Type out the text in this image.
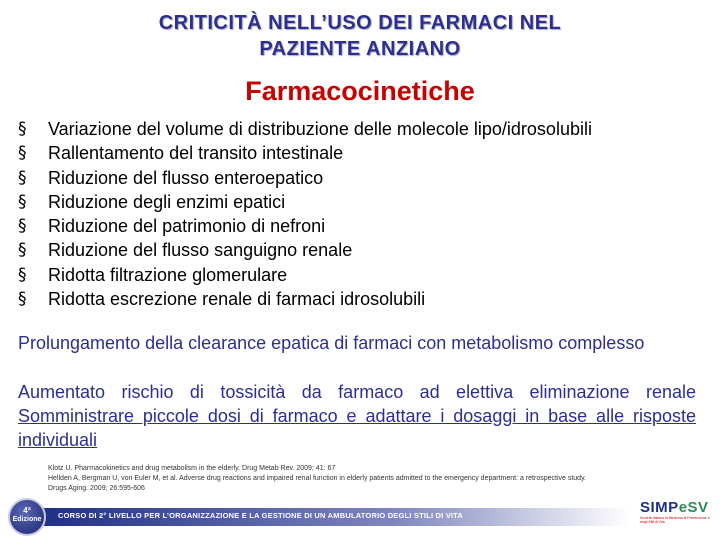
CRITICITÀ NELL’USO DEI FARMACI NEL
PAZIENTE ANZIANO
Farmacocinetiche
§	Variazione del volume di distribuzione delle molecole lipo/idrosolubili
§	Rallentamento del transito intestinale
§	Riduzione del flusso enteroepatico
§	Riduzione degli enzimi epatici
§	Riduzione del patrimonio di nefroni
§	Riduzione del flusso sanguigno renale
§	Ridotta filtrazione glomerulare
§	Ridotta escrezione renale di farmaci idrosolubili
Prolungamento della clearance epatica di farmaci con metabolismo complesso
Aumentato rischio di tossicità da farmaco ad elettiva eliminazione renale
Somministrare piccole dosi di farmaco e adattare i dosaggi in base alle risposte individuali
Klotz U. Pharmacokinetics and drug metabolism in the elderly. Drug Metab Rev. 2009; 41: 67
Hellden A, Bergman U, von Euler M, et al. Adverse drug reactions and impaired renal function in elderly patients admitted to the emergency department: a retrospective study.
Drugs Aging. 2009; 26:595-606
CORSO DI 2° LIVELLO PER L’ORGANIZZAZIONE E LA GESTIONE DI UN AMBULATORIO DEGLI STILI DI VITA
4ª
Edizione
SIMPeSV
Società Italiana di Medicina di Prevenzione e degli Stili di Vita
